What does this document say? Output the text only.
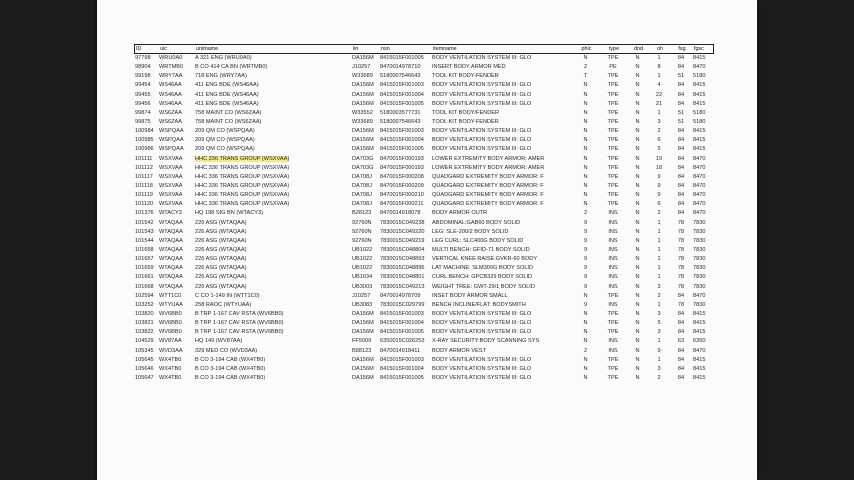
ID	uic	unitname	lin	nsn	itemname	phlc	type	dnd	oh	fsg	fgsc
97798	WRU0A0	A 321 ENG (WRU0A0)	DA156M	8415015F001005	BODY VENTILATION SYSTEM III: GLO	N	TPE	N	1	84	8415
98904	WRTMB0	B CO 414 CA BN (WRTMB0)	J10257	8470014978710	INSERT BODY ARMOR MED	2	PE	N	8	84	8470
99198	WRY7AA	718 ENG (WRY7AA)	W33689	5180007546643	TOOL KIT BODY-FENDER	T	TPE	N	1	51	5180
99454	WS46AA	411 ENG BDE (WS46AA)	DA156M	8415015F001003	BODY VENTILATION SYSTEM III: GLO	N	TPE	N	4	84	8415
99455	WS46AA	411 ENG BDE (WS46AA)	DA156M	8415015F001004	BODY VENTILATION SYSTEM III: GLO	N	TPE	N	22	84	8415
99456	WS46AA	411 ENG BDE (WS46AA)	DA156M	8415015F001005	BODY VENTILATION SYSTEM III: GLO	N	TPE	N	21	84	8415
99874	WS6ZAA	758 MAINT CO (WS6ZAA)	W33552	5180003577731	TOOL KIT BODY/FENDER	N	TPE	N	1	51	5180
99875	WS6ZAA	758 MAINT CO (WS6ZAA)	W33689	5180007546643	TOOL KIT BODY-FENDER	N	TPE	N	3	51	5180
100984 WSPQAA	209 QM CO (WSPQAA)	DA156M	8415015F001003	BODY VENTILATION SYSTEM III: GLO	N	TPE	N	2	84	8415
100985 WSPQAA	209 QM CO (WSPQAA)	DA156M	8415015F001004	BODY VENTILATION SYSTEM III: GLO	N	TPE	N	6	84	8415
100986 WSPQAA	209 QM CO (WSPQAA)	DA156M	8415015F001005	BODY VENTILATION SYSTEM III: GLO	N	TPE	N	5	84	8415
101111	WSXVAA	HHC 336 TRANS GROUP (WSXVAA)	DA703G	8470015F000193	LOWER EXTREMITY BODY ARMOR: AMER	N	TPE	N	19	84	8470
101112	WSXVAA	HHC 336 TRANS GROUP (WSXVAA)	DA703G	8470015F000193	LOWER EXTREMITY BODY ARMOR: AMER	N	TPE	N	18	84	8470
101117	WSXVAA	HHC 336 TRANS GROUP (WSXVAA)	DA708J	8470015F000208	QUADGARD EXTREMITY BODY ARMOR: F	N	TPE	N	9	84	8470
101118	WSXVAA	HHC 336 TRANS GROUP (WSXVAA)	DA708J	8470015F000209	QUADGARD EXTREMITY BODY ARMOR: F	N	TPE	N	9	84	8470
101119	WSXVAA	HHC 336 TRANS GROUP (WSXVAA)	DA708J	8470015F000210	QUADGARD EXTREMITY BODY ARMOR: F	N	TPE	N	9	84	8470
101120	WSXVAA	HHC 336 TRANS GROUP (WSXVAA)	DA708J	8470015F000211	QUADGARD EXTREMITY BODY ARMOR: F	N	TPE	N	6	84	8470
101376 WTACY3	HQ 198 SIG BN (WTACY3)	B28123	8470014918078	BODY ARMOR OUTR	2	INS	N	2	84	8470
101542 WTAQAA	226 ASG (WTAQAA)	92760N	7830015C049238	ABDOMINAL:GAB60 BODY SOLID	9	INS	N	1	78	7830
101543 WTAQAA	226 ASG (WTAQAA)	92760N	7830015C049220	LEG: SLE-200/2 BODY SOLID	9	INS	N	1	78	7830
101544 WTAQAA	226 ASG (WTAQAA)	92760N	7830015C049219	LEG CURL: SLC400G BODY SOLID	9	INS	N	1	78	7830
101658 WTAQAA	226 ASG (WTAQAA)	UB1022	7830015C048804	MULTI BENCH: GFID-71 BODY SOLID	9	INS	N	1	78	7830
101657 WTAQAA	226 ASG (WTAQAA)	UB1022	7830015C048893	VERTICAL KNEE RAISE:GVKR-60 BODY	9	INS	N	1	78	7830
101659 WTAQAA	226 ASG (WTAQAA)	UB1022	7830015C048896	LAT MACHINE: SLM300G BODY SOLID	9	INS	N	1	78	7830
101661 WTAQAA	226 ASG (WTAQAA)	UB1034	7830015C048801	CURL BENCH: GPCB329 BODY SOLID	9	INS	N	1	78	7830
101668 WTAQAA	226 ASG (WTAQAA)	UB3003	7830015C049213	WEIGHT TREE: GWT-29/1 BODY SOLID	9	INS	N	3	78	7830
102594 WTT1C0	C CO 1-149 IN (WTT1C0)	J10257	8470014978709	INSET BODY ARMOR SMALL	N	TPE	N	2	84	8470
103252 WTYUAA	258 RAOC (WTYUAA)	UB3083	7830015C029799	BENCH INCLINE/FLAT: BODYSMITH	9	INS	N	1	78	7830
103820 WV6BB0	B TRP 1-167 CAV RSTA (WV6BB0)	DA156M	8415015F001003	BODY VENTILATION SYSTEM III: GLO	N	TPE	N	3	84	8415
103821 WV6BB0	B TRP 1-167 CAV RSTA (WV6BB0)	DA156M	8415015F001004	BODY VENTILATION SYSTEM III: GLO	N	TPE	N	5	84	8415
103822 WV6BB0	B TRP 1-167 CAV RSTA (WV6BB0)	DA156M	8415015F001005	BODY VENTILATION SYSTEM III: GLO	N	TPE	N	3	84	8415
104529 WV87AA	HQ 149 (WV87AA)	FF5009	6350015C026253	X-RAY SECURITY:BODY SCANNING SYS	N	INS	N	1	63	6350
105345 WVD3AA	329 MED CO (WVD3AA)	B88123	8470014918411	BODY ARMOR VEST	2	INS	N	9	84	8470
105645 WX4TB0	B CO 3-194 CAB (WX4TB0)	DA156M	8415015F001003	BODY VENTILATION SYSTEM III: GLO	N	TPE	N	1	84	8415
105646 WX4TB0	B CO 3-194 CAB (WX4TB0)	DA156M	8415015F001004	BODY VENTILATION SYSTEM III: GLO	N	TPE	N	3	84	8415
105647 WX4TB0	B CO 3-194 CAB (WX4TB0)	DA156M	8415015F001005	BODY VENTILATION SYSTEM III: GLO	N	TPE	N	2	84	8415
